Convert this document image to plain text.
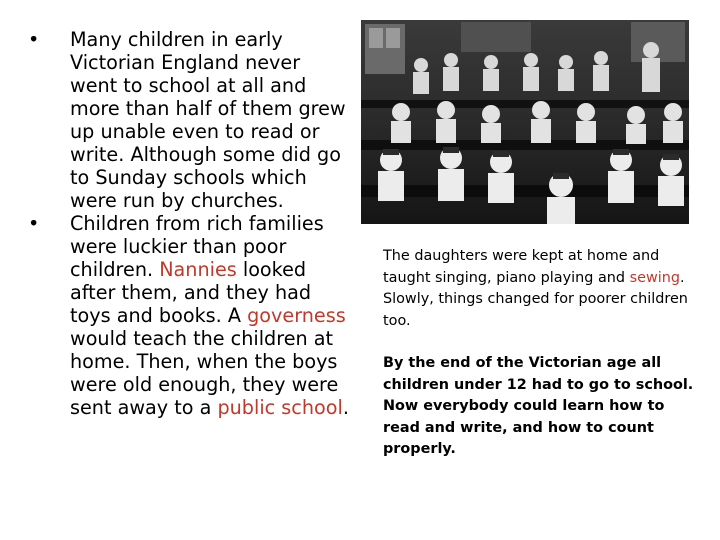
•	Many children in early Victorian England never went to school at all and more than half of them grew up unable even to read or write. Although some did go to Sunday schools which were run by churches.
•	Children from rich families were luckier than poor children. Nannies looked after them, and they had toys and books. A governess would teach the children at home. Then, when the boys were old enough, they were sent away to a public school.

The daughters were kept at home and taught singing, piano playing and sewing. Slowly, things changed for poorer children too.

By the end of the Victorian age all children under 12 had to go to school. Now everybody could learn how to read and write, and how to count properly.
